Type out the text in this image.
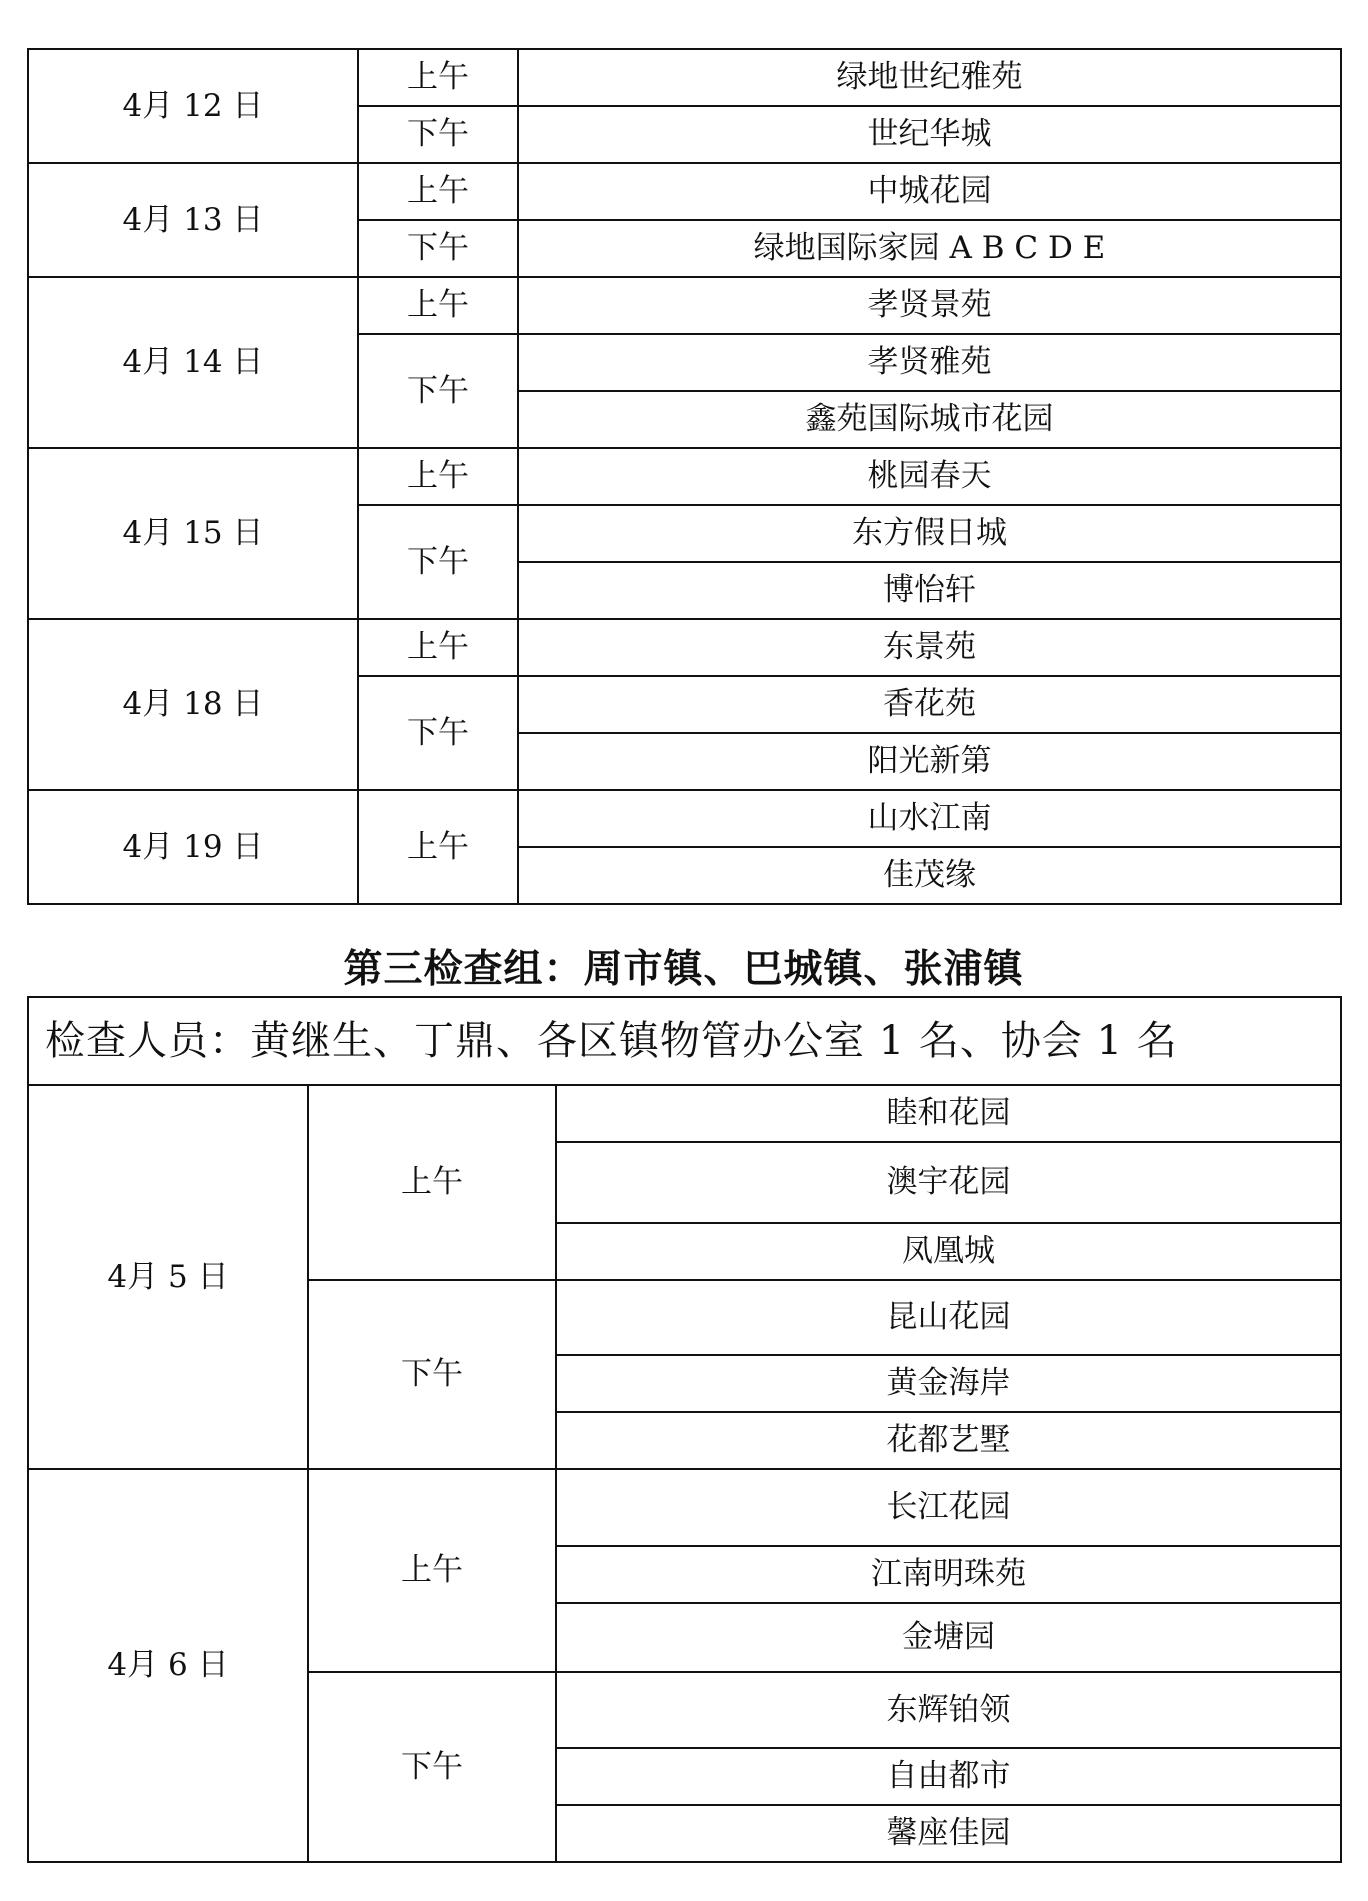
4月 12 日	上午	绿地世纪雅苑
	下午	世纪华城
4月 13 日	上午	中城花园
	下午	绿地国际家园 A B C D E
4月 14 日	上午	孝贤景苑
	下午	孝贤雅苑
		鑫苑国际城市花园
4月 15 日	上午	桃园春天
	下午	东方假日城
		博怡轩
4月 18 日	上午	东景苑
	下午	香花苑
		阳光新第
4月 19 日	上午	山水江南
		佳茂缘
第三检查组：周市镇、巴城镇、张浦镇
检查人员：黄继生、丁鼎、各区镇物管办公室 1 名、协会 1 名		
4月 5 日	上午	睦和花园
		澳宇花园
		凤凰城
	下午	昆山花园
		黄金海岸
		花都艺墅
4月 6 日	上午	长江花园
		江南明珠苑
		金塘园
	下午	东辉铂领
		自由都市
		馨座佳园
